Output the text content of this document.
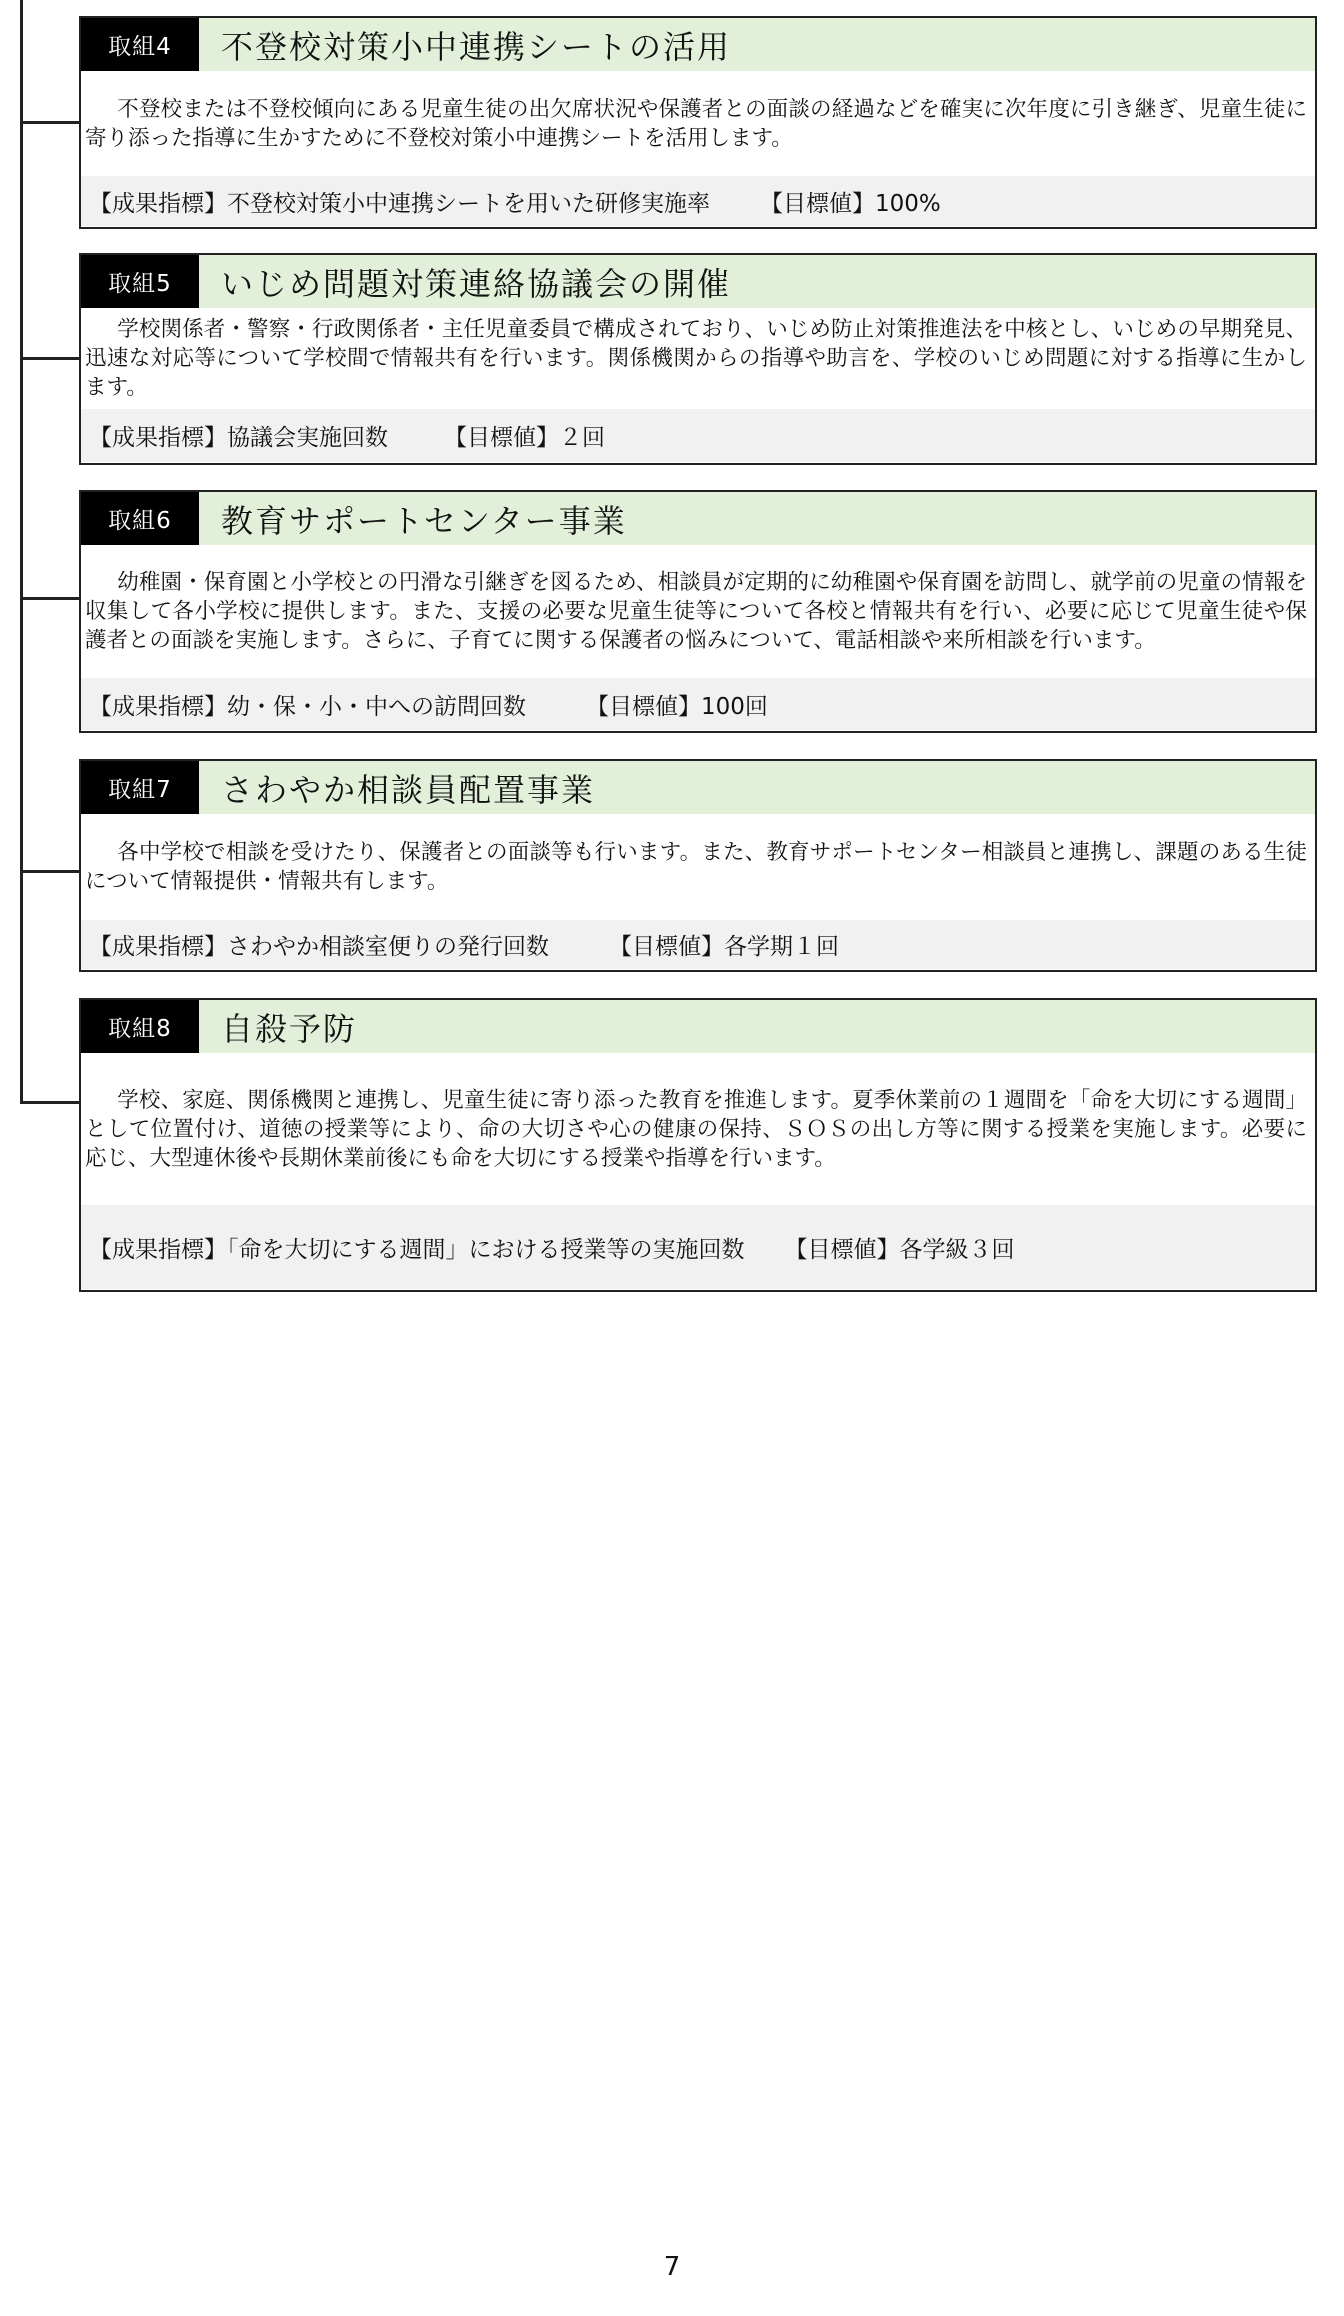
取組4	不登校対策小中連携シートの活用
不登校または不登校傾向にある児童生徒の出欠席状況や保護者との面談の経過などを確実に次年度に引き継ぎ、児童生徒に寄り添った指導に生かすために不登校対策小中連携シートを活用します。
【成果指標】不登校対策小中連携シートを用いた研修実施率 【目標値】100%
取組5	いじめ問題対策連絡協議会の開催
学校関係者・警察・行政関係者・主任児童委員で構成されており、いじめ防止対策推進法を中核とし、いじめの早期発見、迅速な対応等について学校間で情報共有を行います。関係機関からの指導や助言を、学校のいじめ問題に対する指導に生かします。
【成果指標】協議会実施回数 【目標値】２回
取組6	教育サポートセンター事業
幼稚園・保育園と小学校との円滑な引継ぎを図るため、相談員が定期的に幼稚園や保育園を訪問し、就学前の児童の情報を収集して各小学校に提供します。また、支援の必要な児童生徒等について各校と情報共有を行い、必要に応じて児童生徒や保護者との面談を実施します。さらに、子育てに関する保護者の悩みについて、電話相談や来所相談を行います。
【成果指標】幼・保・小・中への訪問回数	【目標値】100回
取組7	さわやか相談員配置事業
各中学校で相談を受けたり、保護者との面談等も行います。また、教育サポートセンター相談員と連携し、課題のある生徒について情報提供・情報共有します。
【成果指標】さわやか相談室便りの発行回数	【目標値】各学期１回
取組8	自殺予防
学校、家庭、関係機関と連携し、児童生徒に寄り添った教育を推進します。夏季休業前の１週間を「命を大切にする週間」として位置付け、道徳の授業等により、命の大切さや心の健康の保持、ＳＯＳの出し方等に関する授業を実施します。必要に応じ、大型連休後や長期休業前後にも命を大切にする授業や指導を行います。
【成果指標】「命を大切にする週間」における授業等の実施回数 【目標値】各学級３回
7
